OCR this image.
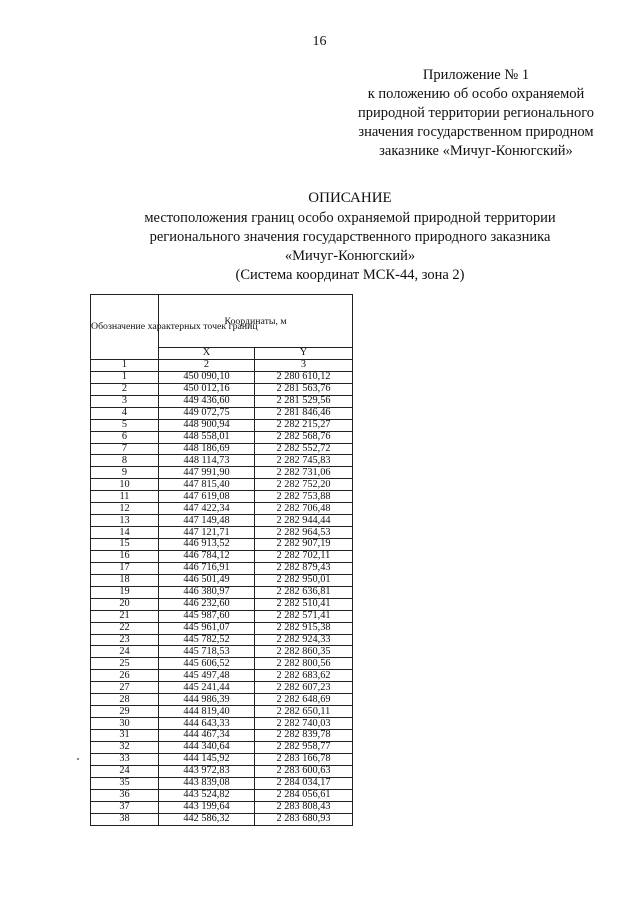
16
Приложение № 1
к положению об особо охраняемой
природной территории регионального
значения государственном природном
заказнике «Мичуг-Конюгский»
ОПИСАНИЕ
местоположения границ особо охраняемой природной территории
регионального значения государственного природного заказника
«Мичуг-Конюгский»
(Система координат МСК-44, зона 2)
Обозначение характерных точек границ	Координаты, м	
	X	Y
1	2	3
1	450 090,10	2 280 610,12
2	450 012,16	2 281 563,76
3	449 436,60	2 281 529,56
4	449 072,75	2 281 846,46
5	448 900,94	2 282 215,27
6	448 558,01	2 282 568,76
7	448 186,69	2 282 552,72
8	448 114,73	2 282 745,83
9	447 991,90	2 282 731,06
10	447 815,40	2 282 752,20
11	447 619,08	2 282 753,88
12	447 422,34	2 282 706,48
13	447 149,48	2 282 944,44
14	447 121,71	2 282 964,53
15	446 913,52	2 282 907,19
16	446 784,12	2 282 702,11
17	446 716,91	2 282 879,43
18	446 501,49	2 282 950,01
19	446 380,97	2 282 636,81
20	446 232,60	2 282 510,41
21	445 987,60	2 282 571,41
22	445 961,07	2 282 915,38
23	445 782,52	2 282 924,33
24	445 718,53	2 282 860,35
25	445 606,52	2 282 800,56
26	445 497,48	2 282 683,62
27	445 241,44	2 282 607,23
28	444 986,39	2 282 648,69
29	444 819,40	2 282 650,11
30	444 643,33	2 282 740,03
31	444 467,34	2 282 839,78
32	444 340,64	2 282 958,77
33	444 145,92	2 283 166,78
24	443 972,83	2 283 600,63
35	443 839,08	2 284 034,17
36	443 524,82	2 284 056,61
37	443 199,64	2 283 808,43
38	442 586,32	2 283 680,93
